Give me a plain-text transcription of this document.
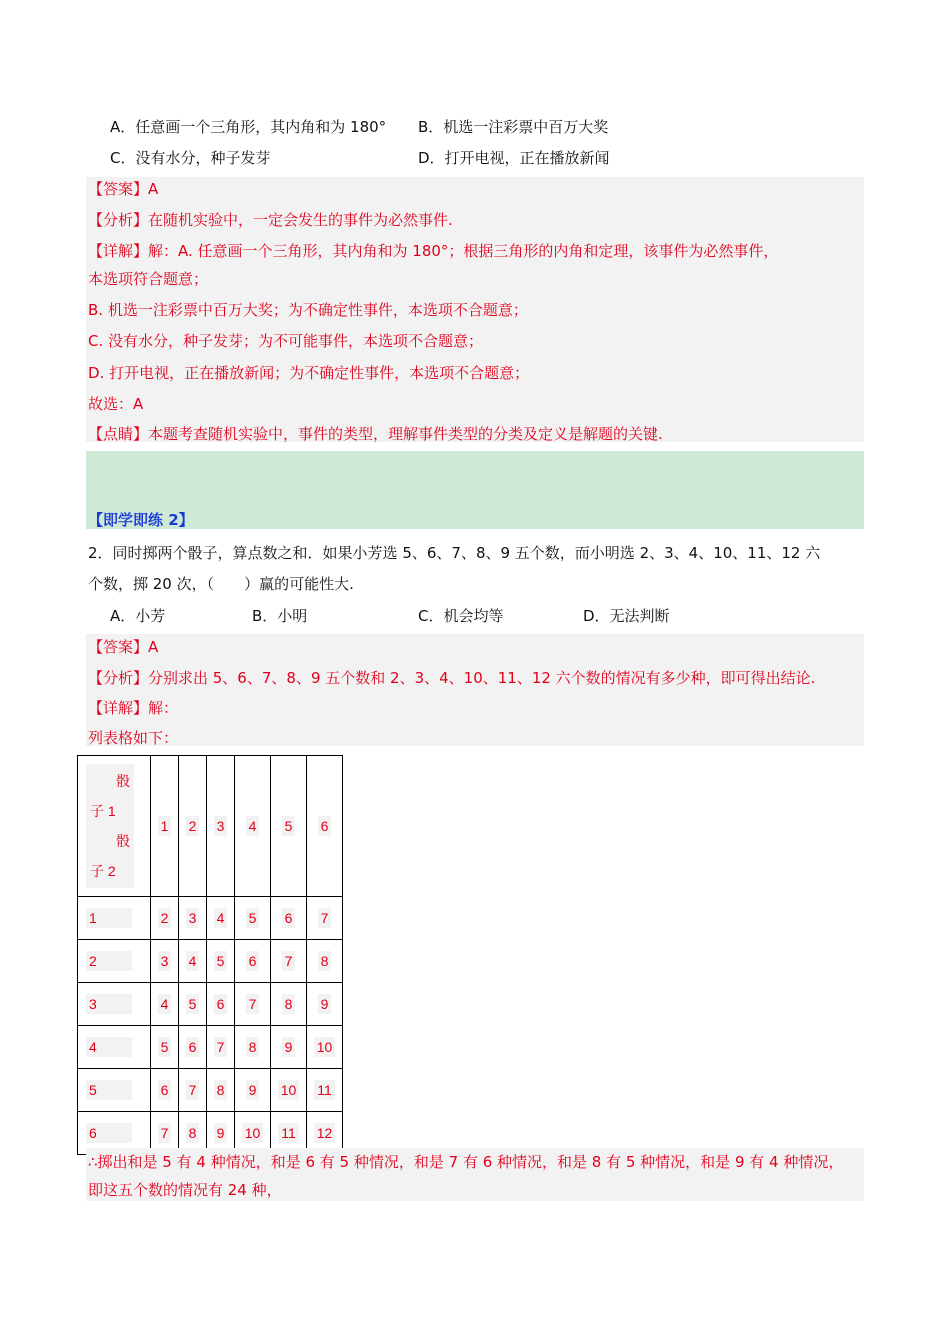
A．任意画一个三角形，其内角和为 180° B．机选一注彩票中百万大奖
C．没有水分，种子发芽	D．打开电视，正在播放新闻
【答案】A
【分析】在随机实验中，一定会发生的事件为必然事件.
【详解】解：A. 任意画一个三角形，其内角和为 180°；根据三角形的内角和定理，该事件为必然事件，
本选项符合题意；
B. 机选一注彩票中百万大奖；为不确定性事件，本选项不合题意；
C. 没有水分，种子发芽；为不可能事件，本选项不合题意；
D. 打开电视，正在播放新闻；为不确定性事件，本选项不合题意；
故选：A
【点睛】本题考查随机实验中，事件的类型，理解事件类型的分类及定义是解题的关键.
【即学即练 2】
2．同时掷两个骰子，算点数之和．如果小芳选 5、6、7、8、9 五个数，而小明选 2、3、4、10、11、12 六
个数，掷 20 次，（　　）赢的可能性大.
A．小芳	B．小明	C．机会均等	D．无法判断
【答案】A
【分析】分别求出 5、6、7、8、9 五个数和 2、3、4、10、11、12 六个数的情况有多少种，即可得出结论.
【详解】解：
列表格如下：
骰
子 1
骰
子 2	1	2	3	4	5	6
1	2	3	4	5	6	7
2	3	4	5	6	7	8
3	4	5	6	7	8	9
4	5	6	7	8	9	10
5	6	7	8	9	10	11
6	7	8	9	10	11	12
∴掷出和是 5 有 4 种情况，和是 6 有 5 种情况，和是 7 有 6 种情况，和是 8 有 5 种情况，和是 9 有 4 种情况，
即这五个数的情况有 24 种，
